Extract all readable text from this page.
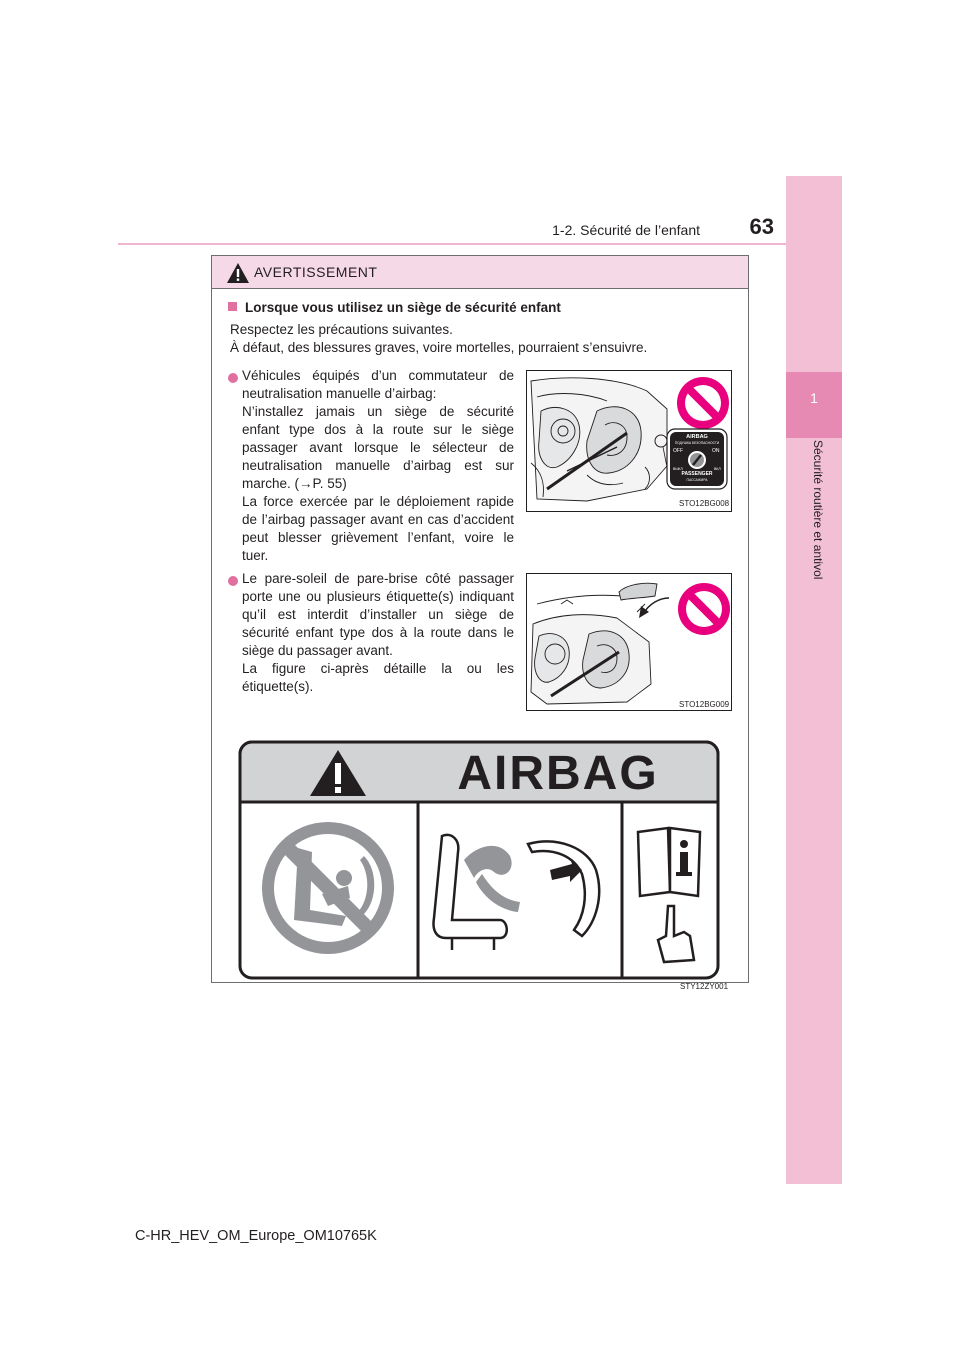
1-2. Sécurité de l’enfant	63
1
Sécurité routière et antivol
AVERTISSEMENT
Lorsque vous utilisez un siège de sécurité enfant
Respectez les précautions suivantes.
À défaut, des blessures graves, voire mortelles, pourraient s’ensuivre.
Véhicules équipés d’un commutateur de
neutralisation manuelle d’airbag:
N’installez jamais un siège de sécurité
enfant type dos à la route sur le siège
passager avant lorsque le sélecteur de
neutralisation manuelle d’airbag est sur
marche. (→P. 55)
La force exercée par le déploiement rapide
de l’airbag passager avant en cas d’accident
peut blesser grièvement l’enfant, voire le
tuer.
AIRBAG
ПОДУШКА БЕЗОПАСНОСТИ
OFF	ON
ВЫКЛ	ВКЛ
PASSENGER
ПАССАЖИРА
STO12BG008
Le pare-soleil de pare-brise côté passager
porte une ou plusieurs étiquette(s) indiquant
qu’il est interdit d’installer un siège de
sécurité enfant type dos à la route dans le
siège du passager avant.
La figure ci-après détaille la ou les
étiquette(s).
STO12BG009
AIRBAG
STY12ZY001
C-HR_HEV_OM_Europe_OM10765K
